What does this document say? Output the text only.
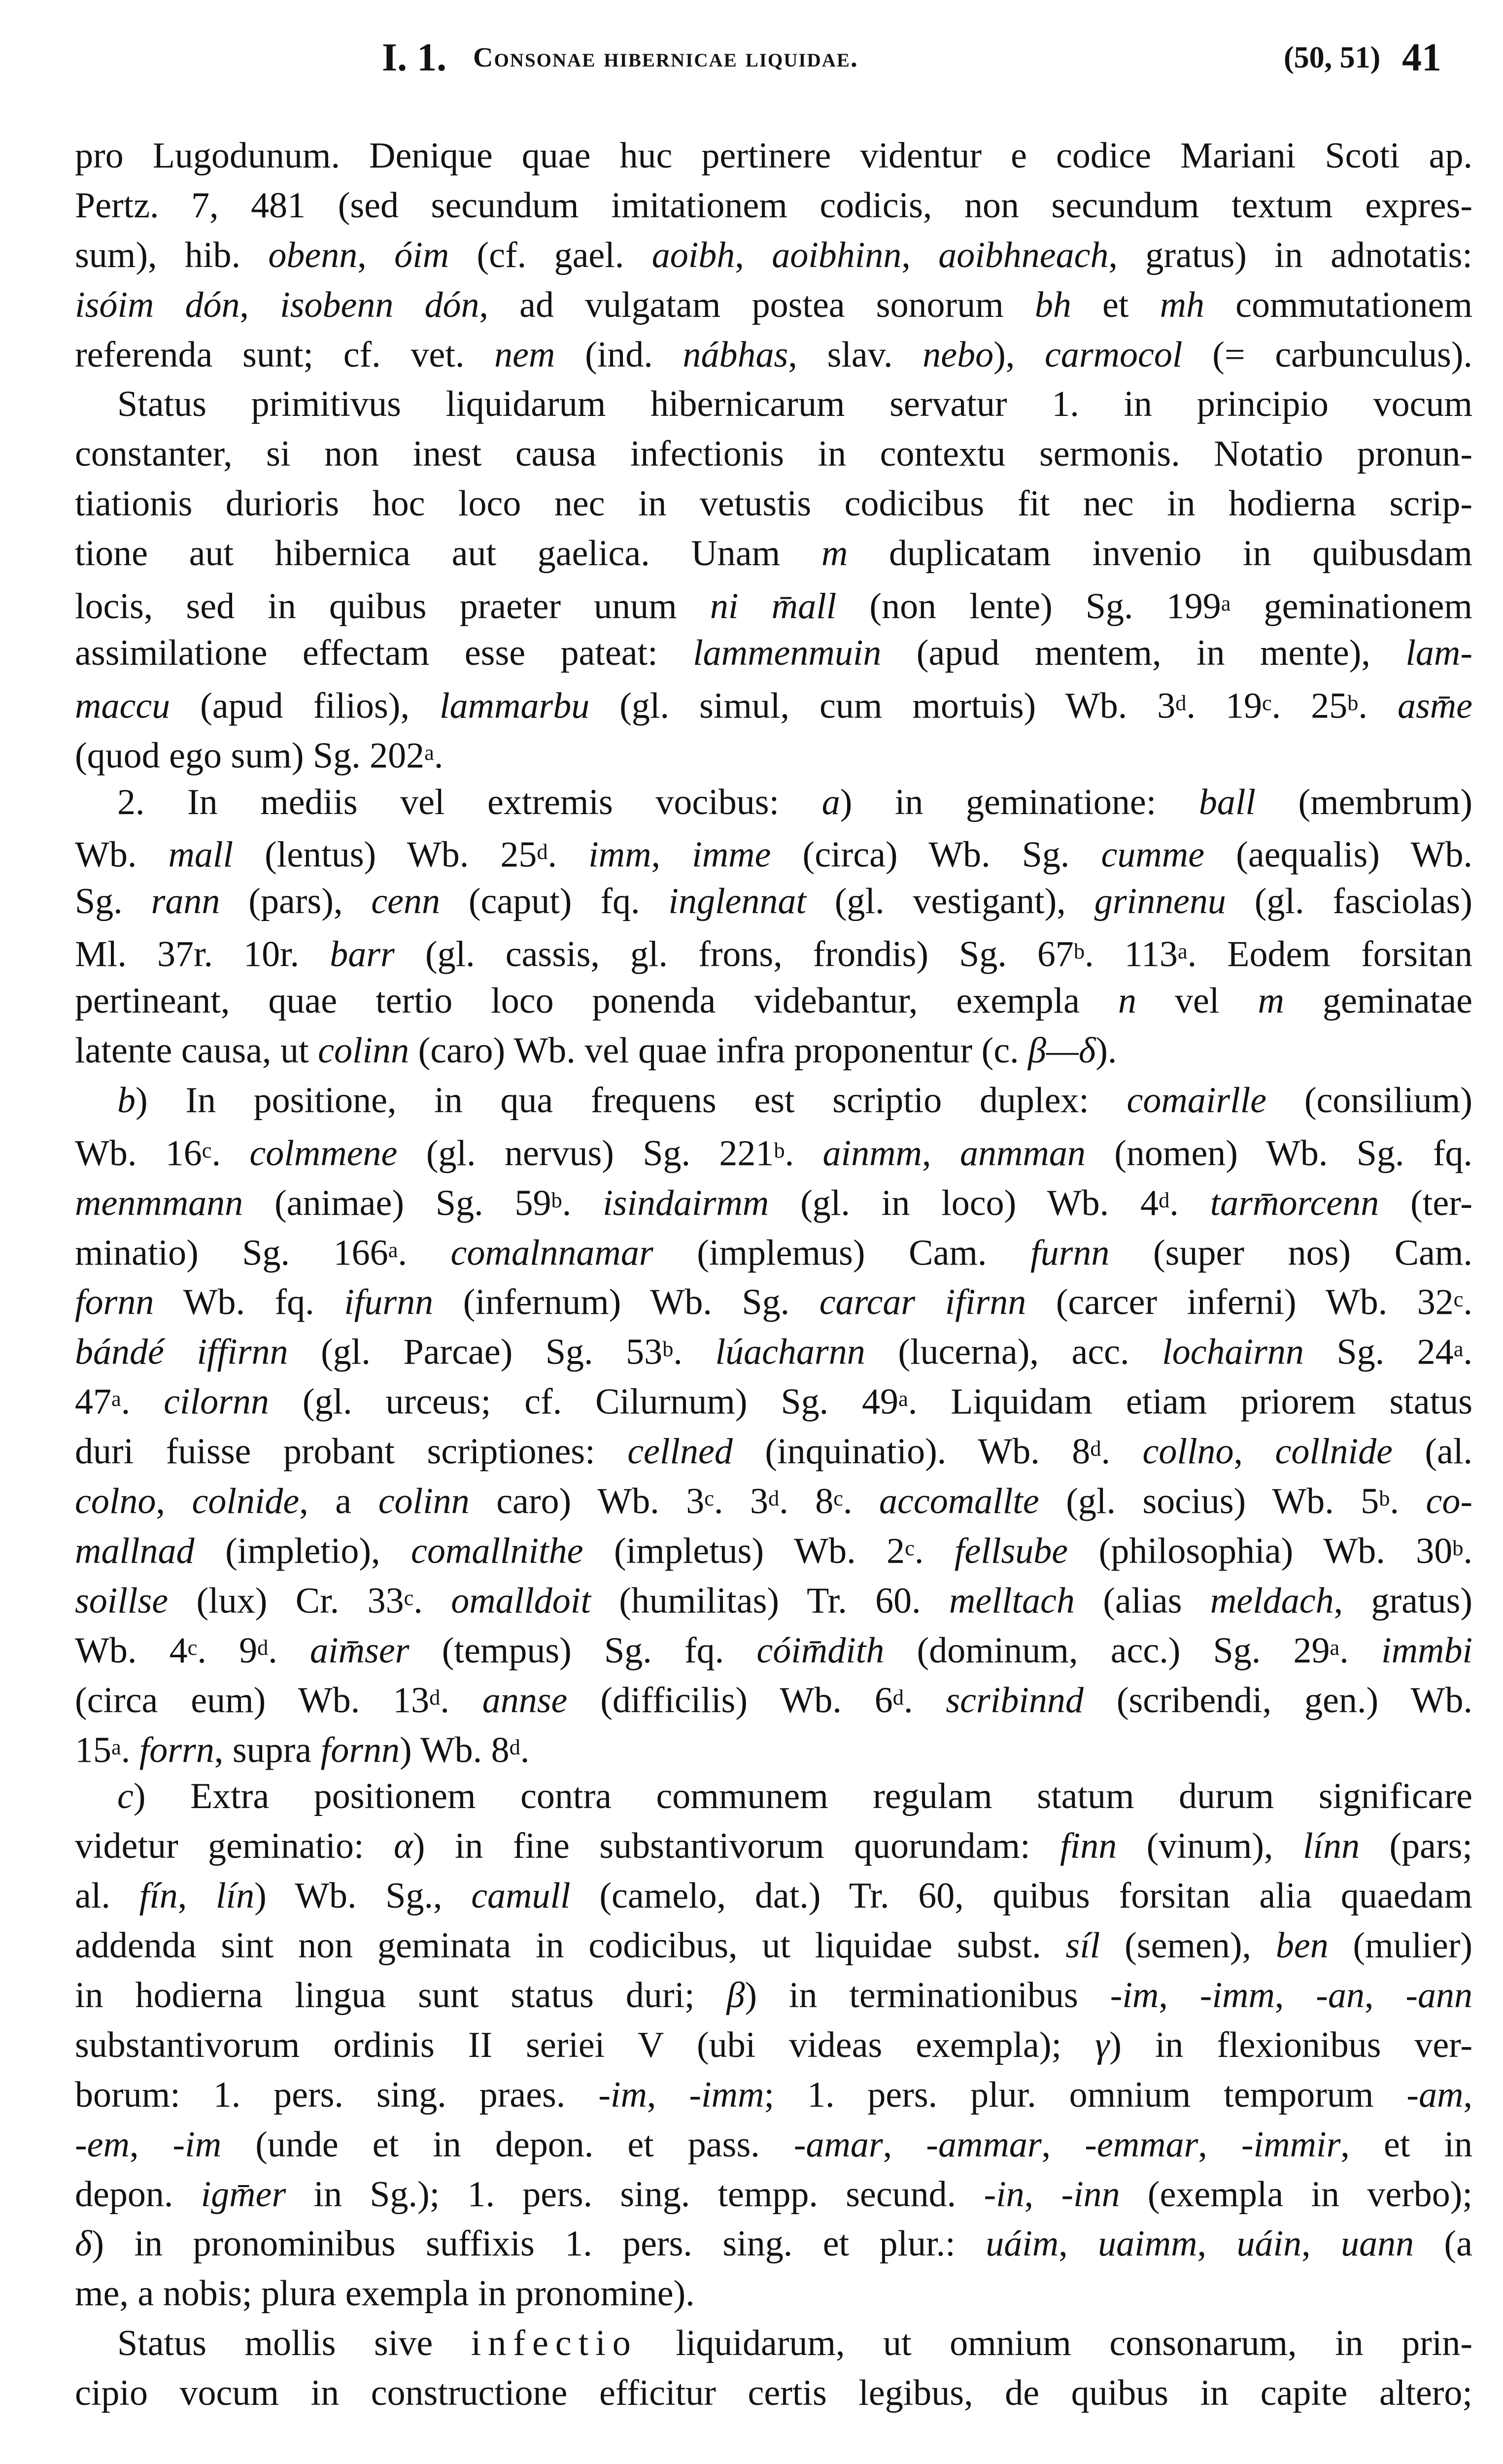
I. 1. Consonae hibernicae liquidae.	(50, 51) 41
pro Lugodunum. Denique quae huc pertinere videntur e codice Mariani Scoti ap.
Pertz. 7, 481 (sed secundum imitationem codicis, non secundum textum expres-
sum), hib. obenn, óim (cf. gael. aoibh, aoibhinn, aoibhneach, gratus) in adnotatis:
isóim dón, isobenn dón, ad vulgatam postea sonorum bh et mh commutationem
referenda sunt; cf. vet. nem (ind. nábhas, slav. nebo), carmocol (= carbunculus).
Status primitivus liquidarum hibernicarum servatur 1. in principio vocum
constanter, si non inest causa infectionis in contextu sermonis. Notatio pronun-
tiationis durioris hoc loco nec in vetustis codicibus fit nec in hodierna scrip-
tione aut hibernica aut gaelica. Unam m duplicatam invenio in quibusdam
locis, sed in quibus praeter unum ni m̄all (non lente) Sg. 199$^a$ geminationem
assimilatione effectam esse pateat: lammenmuin (apud mentem, in mente), lam-
maccu (apud filios), lammarbu (gl. simul, cum mortuis) Wb. 3$^d$. 19$^c$. 25$^b$. asm̄e
(quod ego sum) Sg. 202$^a$.
2. In mediis vel extremis vocibus: a) in geminatione: ball (membrum)
Wb. mall (lentus) Wb. 25$^d$. imm, imme (circa) Wb. Sg. cumme (aequalis) Wb.
Sg. rann (pars), cenn (caput) fq. inglennat (gl. vestigant), grinnenu (gl. fasciolas)
Ml. 37r. 10r. barr (gl. cassis, gl. frons, frondis) Sg. 67$^b$. 113$^a$. Eodem forsitan
pertineant, quae tertio loco ponenda videbantur, exempla n vel m geminatae
latente causa, ut colinn (caro) Wb. vel quae infra proponentur (c. β—δ).
b) In positione, in qua frequens est scriptio duplex: comairlle (consilium)
Wb. 16$^c$. colmmene (gl. nervus) Sg. 221$^b$. ainmm, anmman (nomen) Wb. Sg. fq.
menmmann (animae) Sg. 59$^b$. isindairmm (gl. in loco) Wb. 4$^d$. tarm̄orcenn (ter-
minatio) Sg. 166$^a$. comalnnamar (implemus) Cam. furnn (super nos) Cam.
fornn Wb. fq. ifurnn (infernum) Wb. Sg. carcar ifirnn (carcer inferni) Wb. 32$^c$.
bándé iffirnn (gl. Parcae) Sg. 53$^b$. lúacharnn (lucerna), acc. lochairnn Sg. 24$^a$.
47$^a$. cilornn (gl. urceus; cf. Cilurnum) Sg. 49$^a$. Liquidam etiam priorem status
duri fuisse probant scriptiones: cellned (inquinatio). Wb. 8$^d$. collno, collnide (al.
colno, colnide, a colinn caro) Wb. 3$^c$. 3$^d$. 8$^c$. accomallte (gl. socius) Wb. 5$^b$. co-
mallnad (impletio), comallnithe (impletus) Wb. 2$^c$. fellsube (philosophia) Wb. 30$^b$.
soillse (lux) Cr. 33$^c$. omalldoit (humilitas) Tr. 60. melltach (alias meldach, gratus)
Wb. 4$^c$. 9$^d$. aim̄ser (tempus) Sg. fq. cóim̄dith (dominum, acc.) Sg. 29$^a$. immbi
(circa eum) Wb. 13$^d$. annse (difficilis) Wb. 6$^d$. scribinnd (scribendi, gen.) Wb.
15$^a$. forrn, supra fornn) Wb. 8$^d$.
c) Extra positionem contra communem regulam statum durum significare
videtur geminatio: α) in fine substantivorum quorundam: finn (vinum), línn (pars;
al. fín, lín) Wb. Sg., camull (camelo, dat.) Tr. 60, quibus forsitan alia quaedam
addenda sint non geminata in codicibus, ut liquidae subst. síl (semen), ben (mulier)
in hodierna lingua sunt status duri; β) in terminationibus -im, -imm, -an, -ann
substantivorum ordinis II seriei V (ubi videas exempla); γ) in flexionibus ver-
borum: 1. pers. sing. praes. -im, -imm; 1. pers. plur. omnium temporum -am,
-em, -im (unde et in depon. et pass. -amar, -ammar, -emmar, -immir, et in
depon. igm̄er in Sg.); 1. pers. sing. tempp. secund. -in, -inn (exempla in verbo);
δ) in pronominibus suffixis 1. pers. sing. et plur.: uáim, uaimm, uáin, uann (a
me, a nobis; plura exempla in pronomine).
Status mollis sive infectio liquidarum, ut omnium consonarum, in prin-
cipio vocum in constructione efficitur certis legibus, de quibus in capite altero;
